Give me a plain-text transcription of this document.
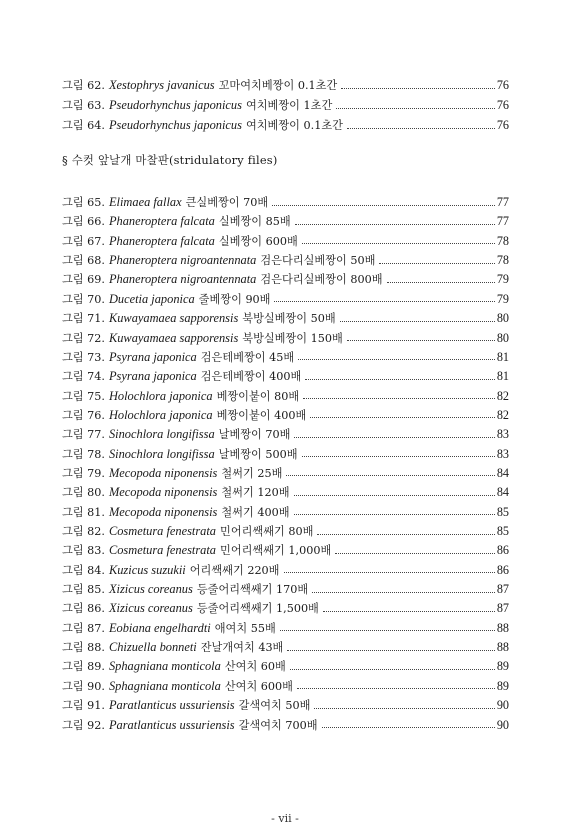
그림 62. Xestophrys javanicus 꼬마여치베짱이 0.1초간	76
그림 63. Pseudorhynchus japonicus 여치베짱이 1초간	76
그림 64. Pseudorhynchus japonicus 여치베짱이 0.1초간	76
§ 수컷 앞날개 마찰판(stridulatory files)
그림 65. Elimaea fallax 큰실베짱이 70배	77
그림 66. Phaneroptera falcata 실베짱이 85배	77
그림 67. Phaneroptera falcata 실베짱이 600배	78
그림 68. Phaneroptera nigroantennata 검은다리실베짱이 50배	78
그림 69. Phaneroptera nigroantennata 검은다리실베짱이 800배	79
그림 70. Ducetia japonica 줄베짱이 90배	79
그림 71. Kuwayamaea sapporensis 북방실베짱이 50배	80
그림 72. Kuwayamaea sapporensis 북방실베짱이 150배	80
그림 73. Psyrana japonica 검은테베짱이 45배	81
그림 74. Psyrana japonica 검은테베짱이 400배	81
그림 75. Holochlora japonica 베짱이붙이 80배	82
그림 76. Holochlora japonica 베짱이붙이 400배	82
그림 77. Sinochlora longifissa 날베짱이 70배	83
그림 78. Sinochlora longifissa 날베짱이 500배	83
그림 79. Mecopoda niponensis 철써기 25배	84
그림 80. Mecopoda niponensis 철써기 120배	84
그림 81. Mecopoda niponensis 철써기 400배	85
그림 82. Cosmetura fenestrata 민어리쌕쌔기 80배	85
그림 83. Cosmetura fenestrata 민어리쌕쌔기 1,000배	86
그림 84. Kuzicus suzukii 어리쌕쌔기 220배	86
그림 85. Xizicus coreanus 등줄어리쌕쌔기 170배	87
그림 86. Xizicus coreanus 등줄어리쌕쌔기 1,500배	87
그림 87. Eobiana engelhardti 애여치 55배	88
그림 88. Chizuella bonneti 잔날개여치 43배	88
그림 89. Sphagniana monticola 산여치 60배	89
그림 90. Sphagniana monticola 산여치 600배	89
그림 91. Paratlanticus ussuriensis 갈색여치 50배	90
그림 92. Paratlanticus ussuriensis 갈색여치 700배	90
- vii -
